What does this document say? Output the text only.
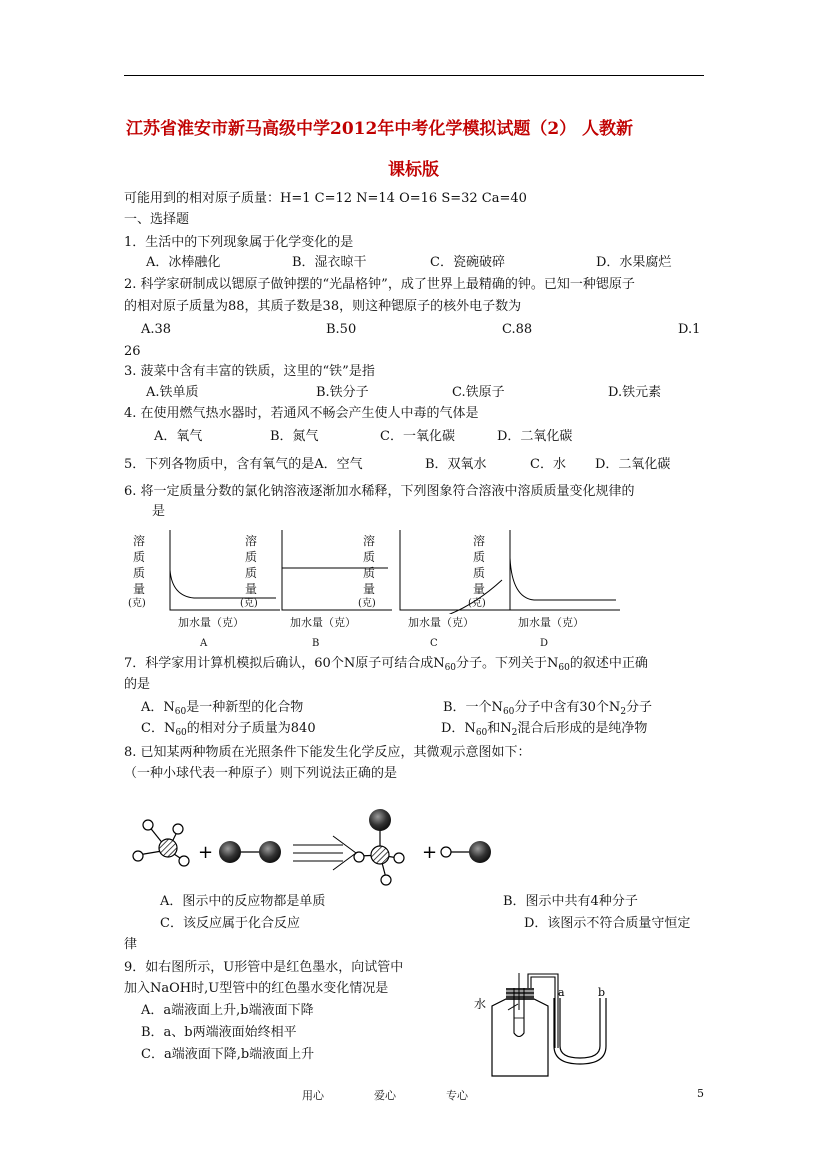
江苏省淮安市新马高级中学2012年中考化学模拟试题（2） 人教新
课标版
可能用到的相对原子质量：H=1 C=12 N=14 O=16 S=32 Ca=40
一、选择题
1．生活中的下列现象属于化学变化的是
A．冰棒融化	B．湿衣晾干	C．瓷碗破碎	D．水果腐烂
2. 科学家研制成以锶原子做钟摆的“光晶格钟”，成了世界上最精确的钟。已知一种锶原子
的相对原子质量为88，其质子数是38，则这种锶原子的核外电子数为
A.38	B.50	C.88	D.1
26
3. 菠菜中含有丰富的铁质，这里的“铁”是指
A.铁单质	B.铁分子	C.铁原子	D.铁元素
4. 在使用燃气热水器时，若通风不畅会产生使人中毒的气体是
A．氧气	B．氮气	C．一氧化碳	D．二氧化碳
5．下列各物质中，含有氧气的是A．空气	B．双氧水	C．水 D．二氧化碳
6. 将一定质量分数的氯化钠溶液逐渐加水稀释，下列图象符合溶液中溶质质量变化规律的
是
溶
质
质
量
(克)
加水量（克）
A
溶
质
质
量
(克)
加水量（克）
B
溶
质
质
量
(克)
加水量（克）
C
溶
质
质
量
(克)
加水量（克）
D
7．科学家用计算机模拟后确认，60个N原子可结合成$N_{60}$分子。下列关于$N_{60}$的叙述中正确
的是
A．$N_{60}$是一种新型的化合物	B．一个$N_{60}$分子中含有30个$N_2$分子
C．$N_{60}$的相对分子质量为840	D．$N_{60}$和$N_2$混合后形成的是纯净物
8. 已知某两种物质在光照条件下能发生化学反应，其微观示意图如下：
（一种小球代表一种原子）则下列说法正确的是
+	+
A．图示中的反应物都是单质	B．图示中共有4种分子
C．该反应属于化合反应	D．该图示不符合质量守恒定
律
9．如右图所示，U形管中是红色墨水，向试管中
加入NaOH时,U型管中的红色墨水变化情况是
A．a端液面上升,b端液面下降
B．a、b两端液面始终相平
C．a端液面下降,b端液面上升
水
a	b
用心	爱心	专心	5
